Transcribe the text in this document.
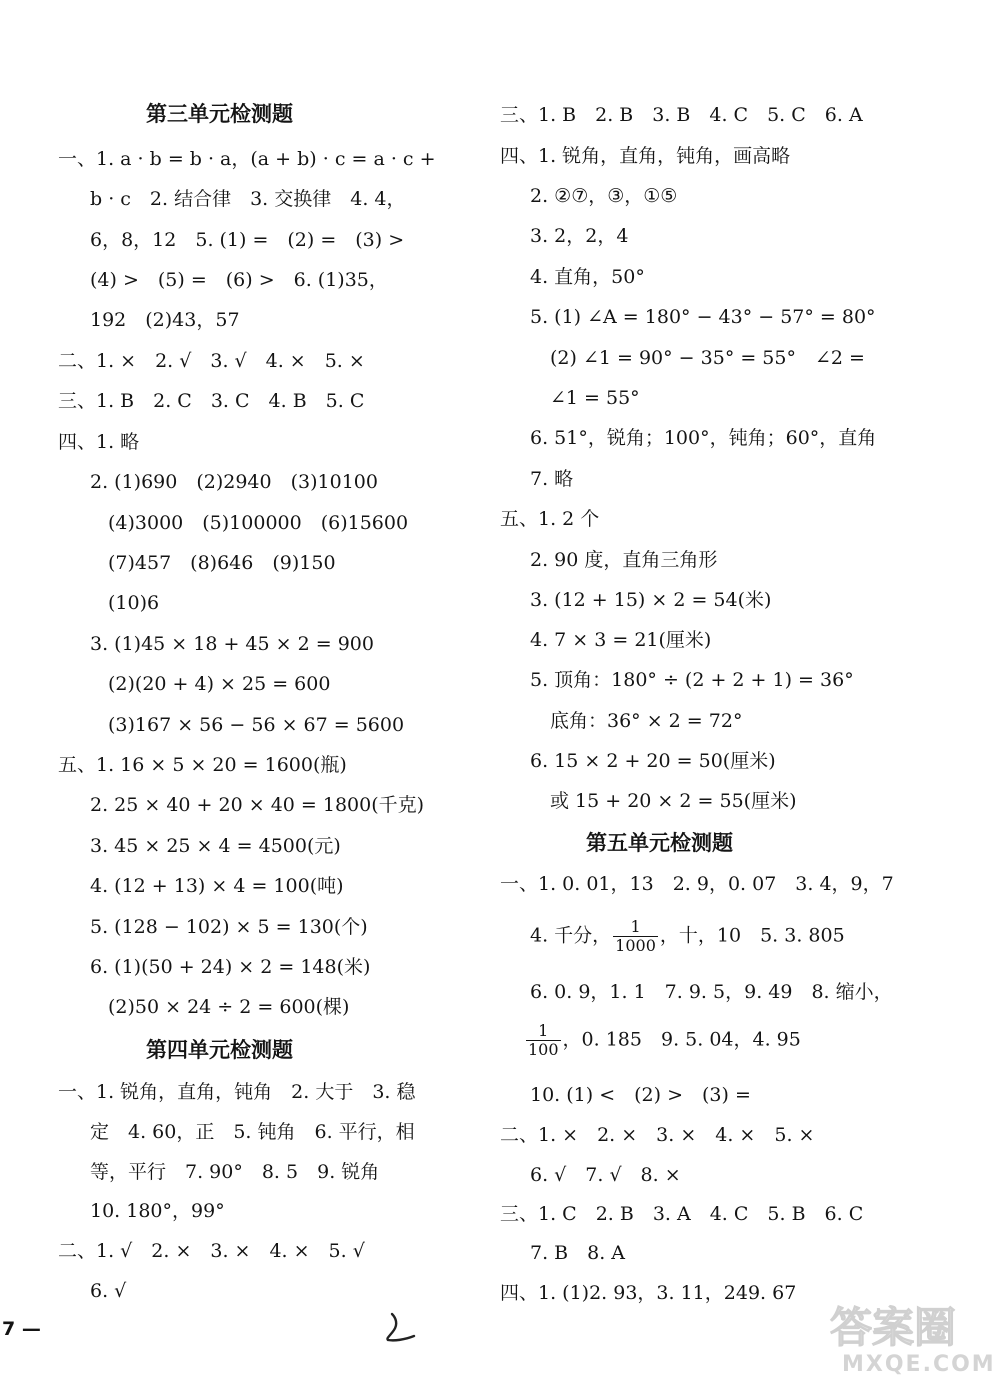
第三单元检测题
一、1. a · b = b · a，(a + b) · c = a · c +
b · c　2. 结合律　3. 交换律　4. 4，
6，8，12　5. (1) =　(2) =　(3) >
(4) >　(5) =　(6) >　6. (1)35，
192　(2)43，57
二、1. ×　2. √　3. √　4. ×　5. ×
三、1. B　2. C　3. C　4. B　5. C
四、1. 略
2. (1)690　(2)2940　(3)10100
(4)3000　(5)100000　(6)15600
(7)457　(8)646　(9)150
(10)6
3. (1)45 × 18 + 45 × 2 = 900
(2)(20 + 4) × 25 = 600
(3)167 × 56 − 56 × 67 = 5600
五、1. 16 × 5 × 20 = 1600(瓶)
2. 25 × 40 + 20 × 40 = 1800(千克)
3. 45 × 25 × 4 = 4500(元)
4. (12 + 13) × 4 = 100(吨)
5. (128 − 102) × 5 = 130(个)
6. (1)(50 + 24) × 2 = 148(米)
(2)50 × 24 ÷ 2 = 600(棵)
第四单元检测题
一、1. 锐角，直角，钝角　2. 大于　3. 稳
定　4. 60，正　5. 钝角　6. 平行，相
等，平行　7. 90°　8. 5　9. 锐角
10. 180°，99°
二、1. √　2. ×　3. ×　4. ×　5. √
6. √
三、1. B　2. B　3. B　4. C　5. C　6. A
四、1. 锐角，直角，钝角，画高略
2. ②⑦，③，①⑤
3. 2，2，4
4. 直角，50°
5. (1) ∠A = 180° − 43° − 57° = 80°
(2) ∠1 = 90° − 35° = 55°　∠2 =
∠1 = 55°
6. 51°，锐角；100°，钝角；60°，直角
7. 略
五、1. 2 个
2. 90 度，直角三角形
3. (12 + 15) × 2 = 54(米)
4. 7 × 3 = 21(厘米)
5. 顶角：180° ÷ (2 + 2 + 1) = 36°
底角：36° × 2 = 72°
6. 15 × 2 + 20 = 50(厘米)
或 15 + 20 × 2 = 55(厘米)
第五单元检测题
一、1. 0. 01，13　2. 9，0. 07　3. 4，9，7
4. 千分， $\frac{1}{1000}$ ，十，10　5. 3. 805
6. 0. 9，1. 1　7. 9. 5，9. 49　8. 缩小，
$\frac{1}{100}$ ，0. 185　9. 5. 04，4. 95
10. (1) <　(2) >　(3) =
二、1. ×　2. ×　3. ×　4. ×　5. ×
6. √　7. √　8. ×
三、1. C　2. B　3. A　4. C　5. B　6. C
7. B　8. A
四、1. (1)2. 93，3. 11，249. 67
7 —	答案圈
MXQE.COM
